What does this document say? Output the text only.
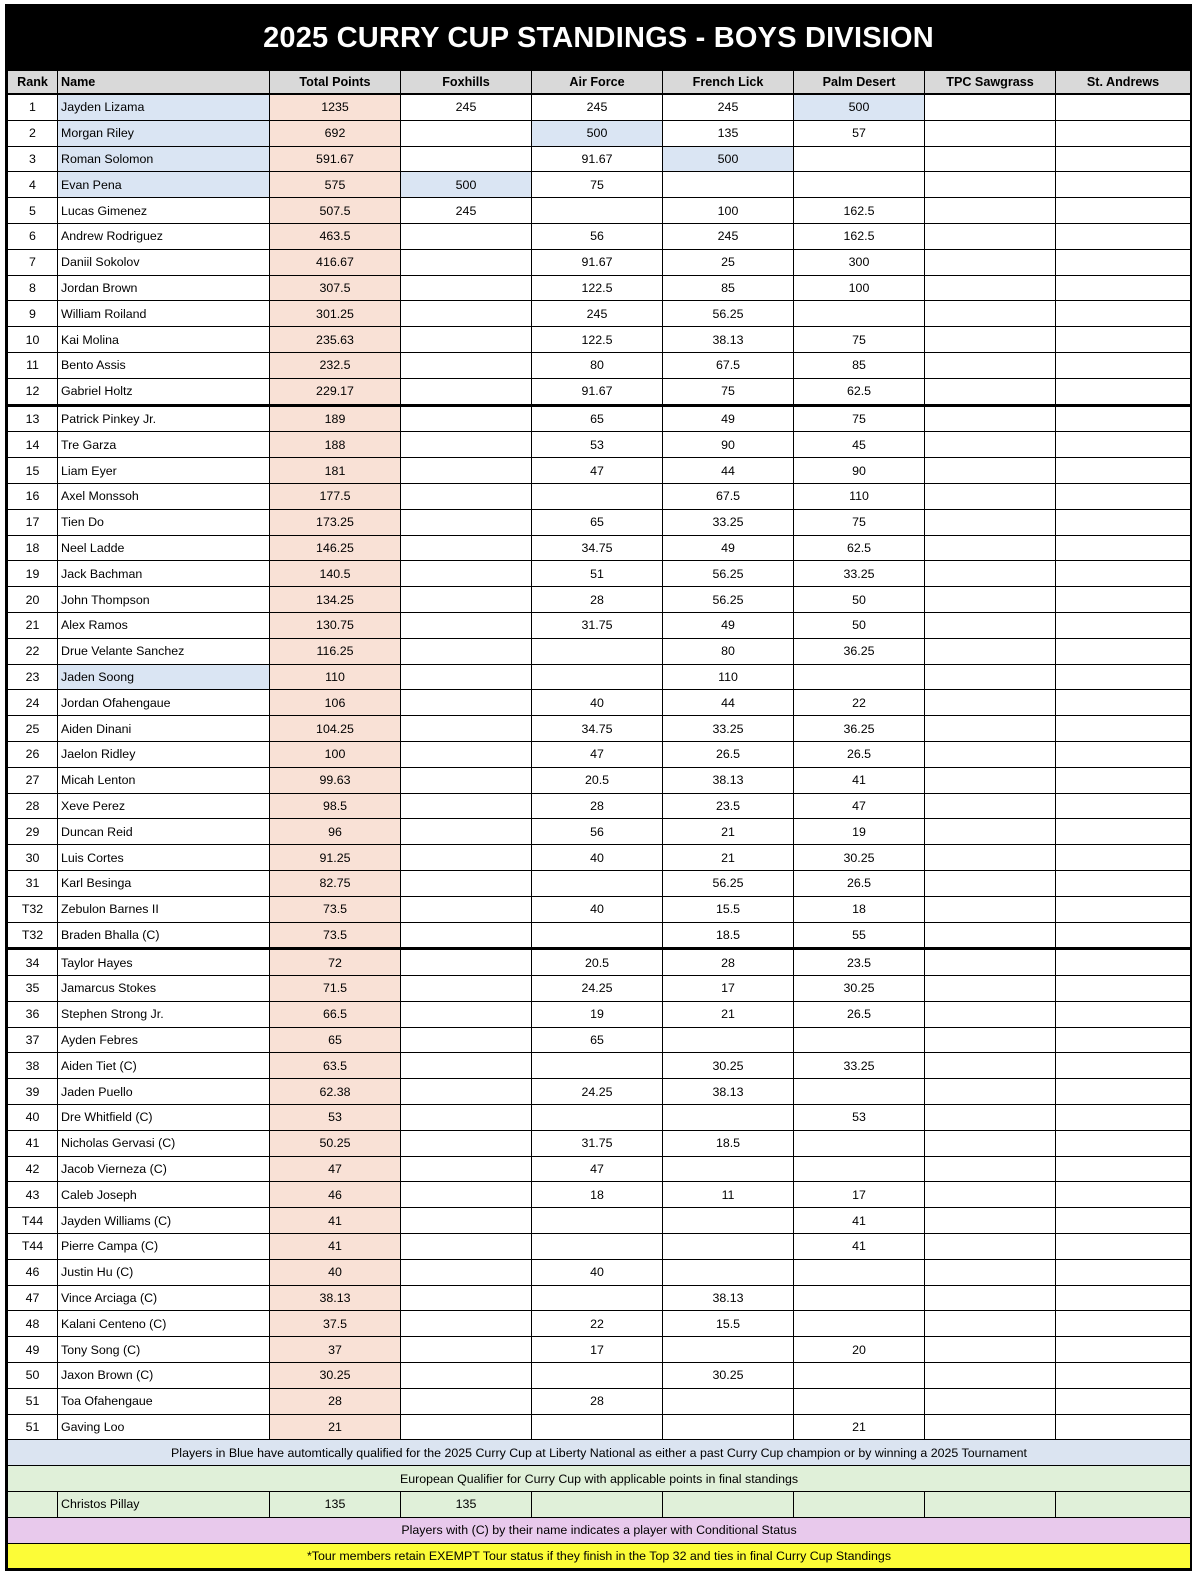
2025 CURRY CUP STANDINGS - BOYS DIVISION
Rank	Name	Total Points	Foxhills	Air Force	French Lick	Palm Desert	TPC Sawgrass	St. Andrews
1	Jayden Lizama	1235	245	245	245	500		
2	Morgan Riley	692		500	135	57		
3	Roman Solomon	591.67		91.67	500			
4	Evan Pena	575	500	75				
5	Lucas Gimenez	507.5	245		100	162.5		
6	Andrew Rodriguez	463.5		56	245	162.5		
7	Daniil Sokolov	416.67		91.67	25	300		
8	Jordan Brown	307.5		122.5	85	100		
9	William Roiland	301.25		245	56.25			
10	Kai Molina	235.63		122.5	38.13	75		
11	Bento Assis	232.5		80	67.5	85		
12	Gabriel Holtz	229.17		91.67	75	62.5		
13	Patrick Pinkey Jr.	189		65	49	75		
14	Tre Garza	188		53	90	45		
15	Liam Eyer	181		47	44	90		
16	Axel Monssoh	177.5			67.5	110		
17	Tien Do	173.25		65	33.25	75		
18	Neel Ladde	146.25		34.75	49	62.5		
19	Jack Bachman	140.5		51	56.25	33.25		
20	John Thompson	134.25		28	56.25	50		
21	Alex Ramos	130.75		31.75	49	50		
22	Drue Velante Sanchez	116.25			80	36.25		
23	Jaden Soong	110			110			
24	Jordan Ofahengaue	106		40	44	22		
25	Aiden Dinani	104.25		34.75	33.25	36.25		
26	Jaelon Ridley	100		47	26.5	26.5		
27	Micah Lenton	99.63		20.5	38.13	41		
28	Xeve Perez	98.5		28	23.5	47		
29	Duncan Reid	96		56	21	19		
30	Luis Cortes	91.25		40	21	30.25		
31	Karl Besinga	82.75			56.25	26.5		
T32	Zebulon Barnes II	73.5		40	15.5	18		
T32	Braden Bhalla (C)	73.5			18.5	55		
34	Taylor Hayes	72		20.5	28	23.5		
35	Jamarcus Stokes	71.5		24.25	17	30.25		
36	Stephen Strong Jr.	66.5		19	21	26.5		
37	Ayden Febres	65		65				
38	Aiden Tiet (C)	63.5			30.25	33.25		
39	Jaden Puello	62.38		24.25	38.13			
40	Dre Whitfield (C)	53				53		
41	Nicholas Gervasi (C)	50.25		31.75	18.5			
42	Jacob Vierneza (C)	47		47				
43	Caleb Joseph	46		18	11	17		
T44	Jayden Williams (C)	41				41		
T44	Pierre Campa (C)	41				41		
46	Justin Hu (C)	40		40				
47	Vince Arciaga (C)	38.13			38.13			
48	Kalani Centeno (C)	37.5		22	15.5			
49	Tony Song (C)	37		17		20		
50	Jaxon Brown (C)	30.25			30.25			
51	Toa Ofahengaue	28		28				
51	Gaving Loo	21				21		
Players in Blue have automtically qualified for the 2025 Curry Cup at Liberty National as either a past Curry Cup champion or by winning a 2025 Tournament								
European Qualifier for Curry Cup with applicable points in final standings								
	Christos Pillay	135	135					
Players with (C) by their name indicates a player with Conditional Status								
*Tour members retain EXEMPT Tour status if they finish in the Top 32 and ties in final Curry Cup Standings								
